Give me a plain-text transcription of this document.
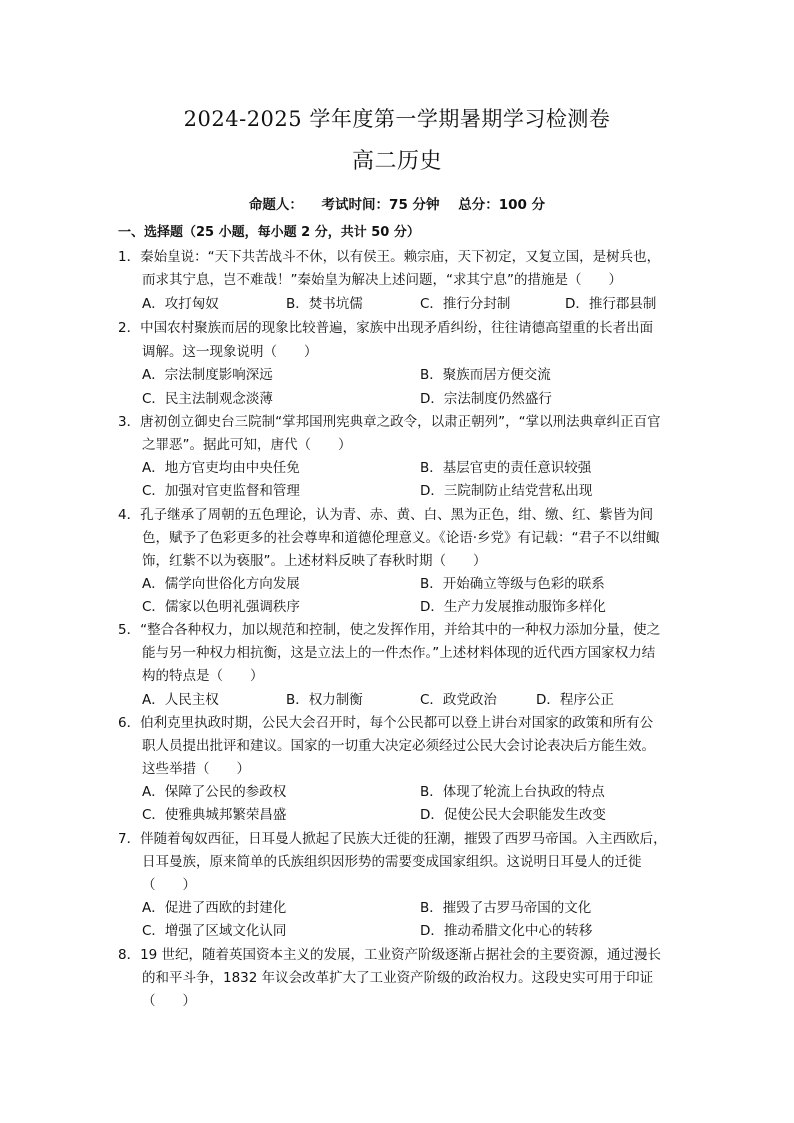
2024-2025 学年度第一学期暑期学习检测卷
高二历史
命题人： 考试时间：75 分钟 总分：100 分
一、选择题（25 小题，每小题 2 分，共计 50 分）
1．秦始皇说：“天下共苦战斗不休，以有侯王。赖宗庙，天下初定，又复立国，是树兵也，
而求其宁息，岂不难哉！”秦始皇为解决上述问题，“求其宁息”的措施是（　　）
A．攻打匈奴	B．焚书坑儒	C．推行分封制	D．推行郡县制
2．中国农村聚族而居的现象比较普遍，家族中出现矛盾纠纷，往往请德高望重的长者出面
调解。这一现象说明（　　）
A．宗法制度影响深远	B．聚族而居方便交流
C．民主法制观念淡薄	D．宗法制度仍然盛行
3．唐初创立御史台三院制“掌邦国刑宪典章之政令，以肃正朝列”，“掌以刑法典章纠正百官
之罪恶”。据此可知，唐代（　　）
A．地方官吏均由中央任免	B．基层官吏的责任意识较强
C．加强对官吏监督和管理	D．三院制防止结党营私出现
4．孔子继承了周朝的五色理论，认为青、赤、黄、白、黑为正色，绀、缴、红、紫皆为间
色，赋予了色彩更多的社会尊卑和道德伦理意义。《论语·乡党》有记载：“君子不以绀鲰
饰，红紫不以为亵服”。上述材料反映了春秋时期（　　）
A．儒学向世俗化方向发展	B．开始确立等级与色彩的联系
C．儒家以色明礼强调秩序	D．生产力发展推动服饰多样化
5．“整合各种权力，加以规范和控制，使之发挥作用，并给其中的一种权力添加分量，使之
能与另一种权力相抗衡，这是立法上的一件杰作。”上述材料体现的近代西方国家权力结
构的特点是（　　）
A．人民主权	B．权力制衡	C．政党政治	D．程序公正
6．伯利克里执政时期，公民大会召开时，每个公民都可以登上讲台对国家的政策和所有公
职人员提出批评和建议。国家的一切重大决定必须经过公民大会讨论表决后方能生效。
这些举措（　　）
A．保障了公民的参政权	B．体现了轮流上台执政的特点
C．使雅典城邦繁荣昌盛	D．促使公民大会职能发生改变
7．伴随着匈奴西征，日耳曼人掀起了民族大迁徙的狂潮，摧毁了西罗马帝国。入主西欧后，
日耳曼族，原来简单的氏族组织因形势的需要变成国家组织。这说明日耳曼人的迁徙
（　　）
A．促进了西欧的封建化	B．摧毁了古罗马帝国的文化
C．增强了区域文化认同	D．推动希腊文化中心的转移
8．19 世纪，随着英国资本主义的发展，工业资产阶级逐渐占据社会的主要资源，通过漫长
的和平斗争，1832 年议会改革扩大了工业资产阶级的政治权力。这段史实可用于印证
（　　）
